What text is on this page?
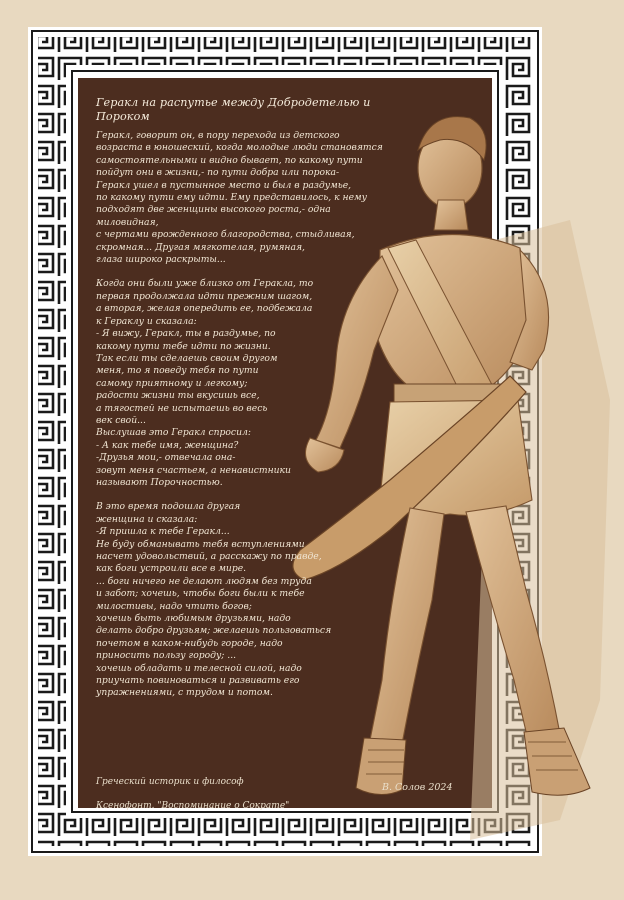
Геракл на распутье между Добродетелью и Пороком
Геракл, говорит он, в пору перехода из детского
возраста в юношеский, когда молодые люди становятся
самостоятельными и видно бывает, по какому пути
пойдут они в жизни,- по пути добра или порока-
Геракл ушел в пустынное место и был в раздумье,
по какому пути ему идти. Ему представилось, к нему
подходят две женщины высокого роста,- одна миловидная,
с чертами врожденного благородства, стыдливая,
скромная... Другая мягкотелая, румяная,
глаза широко раскрыты...
Когда они были уже близко от Геракла, то
первая продолжала идти прежним шагом,
а вторая, желая опередить ее, подбежала
к Гераклу и сказала:
- Я вижу, Геракл, ты в раздумье, по
какому пути тебе идти по жизни.
Так если ты сделаешь своим другом
меня, то я поведу тебя по пути
самому приятному и легкому;
радости жизни ты вкусишь все,
а тягостей не испытаешь во весь
век свой...
Выслушав это Геракл спросил:
- А как тебе имя, женщина?
-Друзья мои,- отвечала она-
зовут меня счастьем, а ненавистники
называют Порочностью.
В это время подошла другая
женщина и сказала:
-Я пришла к тебе Геракл...
Не буду обманывать тебя вступлениями
насчет удовольствий, а расскажу по правде,
как боги устроили все в мире.
... боги ничего не делают людям без труда
и забот; хочешь, чтобы боги были к тебе
милостивы, надо чтить богов;
хочешь быть любимым друзьями, надо
делать добро друзьям; желаешь пользоваться
почетом в каком-нибудь городе, надо
приносить пользу городу; ...
хочешь обладать и телесной силой, надо
приучать повиноваться и развивать его
упражнениями, с трудом и потом.

Греческий историк и философ

Ксенофонт. "Воспоминание о Сократе"

В. Солов 2024
